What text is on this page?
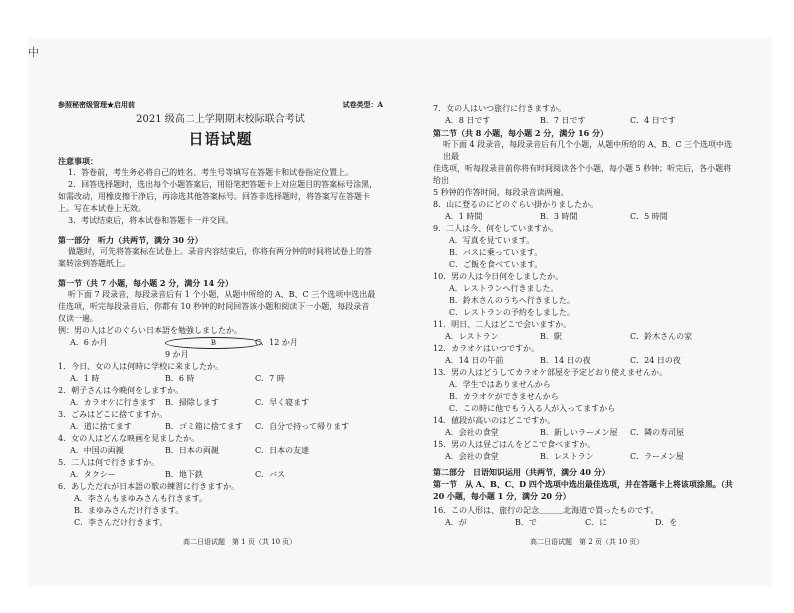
中
参照秘密级管理★启用前	试卷类型：A
2021 级高二上学期期末校际联合考试
日语试题
注意事项：
1．答卷前，考生务必将自己的姓名、考生号等填写在答题卡和试卷指定位置上。
2．回答选择题时，选出每个小题答案后，用铅笔把答题卡上对应题目的答案标号涂黑，
如需改动，用橡皮擦干净后，再涂选其他答案标号。回答非选择题时，将答案写在答题卡
上。写在本试卷上无效。
3．考试结束后，将本试卷和答题卡一并交回。
第一部分　听力（共两节，满分 30 分）
做题时，可先将答案标在试卷上。录音内容结束后，你将有两分钟的时间将试卷上的答
案转涂到答题纸上。
第一节（共 7 小题，每小题 2 分，满分 14 分）
听下面 7 段录音，每段录音后有 1 个小题，从题中所给的 A、B、C 三个选项中选出最
佳选项，听完每段录音后，你都有 10 秒钟的时间回答该小题和阅读下一小题，每段录音
仅读一遍。
例：男の人はどのぐらい日本語を勉強しましたか。
A．6 か月	B9 か月
C．12 か月
1．今日、女の人は何時に学校に来ましたか。
A．1 時	B．6 時	C．7 時
2．朝子さんは今晩何をしますか。
A．カラオケに行きます	B．掃除します	C．早く寝ます
3．ごみはどこに捨てますか。
A．道に捨てます	B．ゴミ箱に捨てます	C．自分で持って帰ります
4．女の人はどんな映画を見ましたか。
A．中国の両親	B．日本の両親	C．日本の友達
5．二人は何で行きますか。
A．タクシー	B．地下鉄	C．バス
6．あしただれが日本語の歌の練習に行きますか。
A．李さんもまゆみさんも行きます。
B．まゆみさんだけ行きます。
C．李さんだけ行きます。
高二日语试题　第 1 页（共 10 页）
7．女の人はいつ旅行に行きますか。
A．8 日です	B．7 日です	C．4 日です
第二节（共 8 小题，每小题 2 分，满分 16 分）
听下面 4 段录音，每段录音后有几个小题，从题中所给的 A、B、C 三个选项中选出最
佳选项，听每段录音前你将有时间阅读各个小题，每小题 5 秒钟；听完后，各小题将给出
5 秒钟的作答时间。每段录音读两遍。
8．山に登るのにどのぐらい掛かりましたか。
A．1 時間	B．3 時間	C．5 時間
9．二人は今、何をしていますか。
A．写真を見ています。
B．バスに乗っています。
C．ご飯を食べています。
10．男の人は今日何をしましたか。
A．レストランへ行きました。
B．鈴木さんのうちへ行きました。
C．レストランの予約をしました。
11．明日、二人はどこで会いますか。
A．レストラン	B．駅	C．鈴木さんの家
12．カラオケはいつですか。
A．14 日の午前	B．14 日の夜	C．24 日の夜
13．男の人はどうしてカラオケ部屋を予定どおり使えませんか。
A．学生ではありませんから
B．カラオケができませんから
C．この時に他でもう入る人が入ってますから
14．値段が高いのはどこですか。
A．会社の食堂	B．新しいラーメン屋	C．隣の寿司屋
15．男の人は昼ごはんをどこで食べますか。
A．会社の食堂	B．レストラン	C．ラーメン屋
第二部分　日语知识运用（共两节，满分 40 分）
第一节　从 A、B、C、D 四个选项中选出最佳选项，并在答题卡上将该项涂黑。（共
20 小题，每小题 1 分，满分 20 分）
16．この人形は、旅行の記念＿＿＿北海道で買ったものです。
A．が	B．で	C．に	D．を
高二日语试题　第 2 页（共 10 页）
